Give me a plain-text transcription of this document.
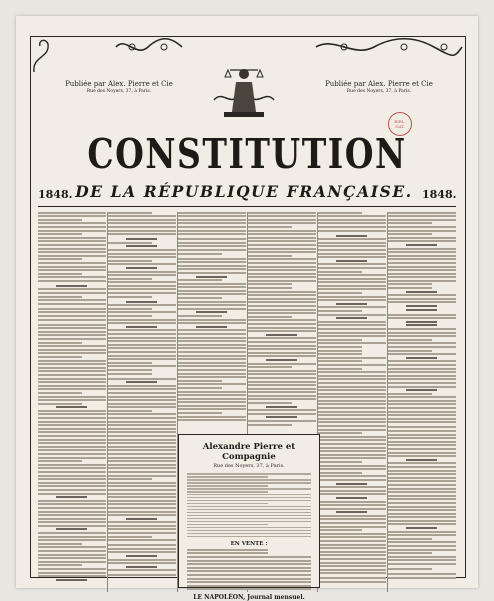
Publiée par Alex. Pierre et Cie
Rue des Noyers, 37, à Paris.
Publiée par Alex. Pierre et Cie
Rue des Noyers, 37, à Paris.
BIBL. NAT.
CONSTITUTION
1848. DE LA RÉPUBLIQUE FRANÇAISE. 1848.
Alexandre Pierre et Compagnie
Rue des Noyers, 37, à Paris.
EN VENTE :
LE NAPOLÉON, Journal mensuel.
